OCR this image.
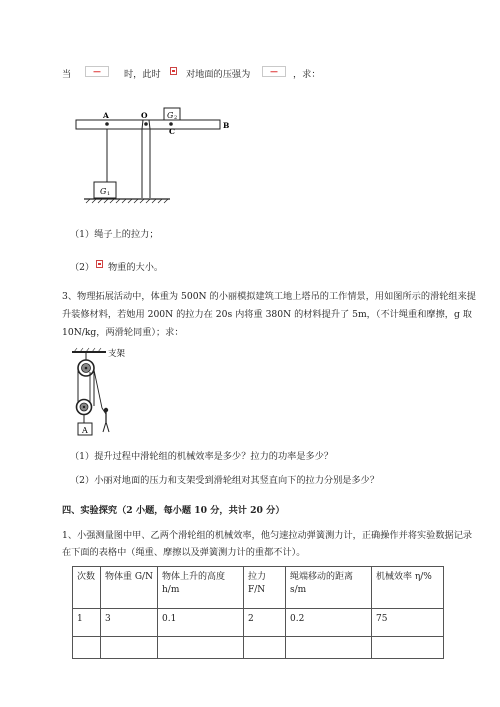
当	时，此时	对地面的压强为	，求：
G 2
A	O
C
B
G 1
（1）绳子上的拉力；
（2） 物重的大小。
3、物理拓展活动中，体重为 500N 的小丽模拟建筑工地上塔吊的工作情景，用如图所示的滑轮组来提
升装修材料，若她用 200N 的拉力在 20s 内将重 380N 的材料提升了 5m，（不计绳重和摩擦，g 取
10N/kg，两滑轮同重）；求：
支架
A
（1）提升过程中滑轮组的机械效率是多少？拉力的功率是多少？
（2）小丽对地面的压力和支架受到滑轮组对其竖直向下的拉力分别是多少？
四、实验探究（2 小题，每小题 10 分，共计 20 分）
1、小强测量图中甲、乙两个滑轮组的机械效率，他匀速拉动弹簧测力计，正确操作并将实验数据记录
在下面的表格中（绳重、摩擦以及弹簧测力计的重都不计）。
次数	物体重 G/N	物体上升的高度 h/m	拉力 F/N	绳端移动的距离 s/m	机械效率 η/%
1	3	0.1	2	0.2	75
